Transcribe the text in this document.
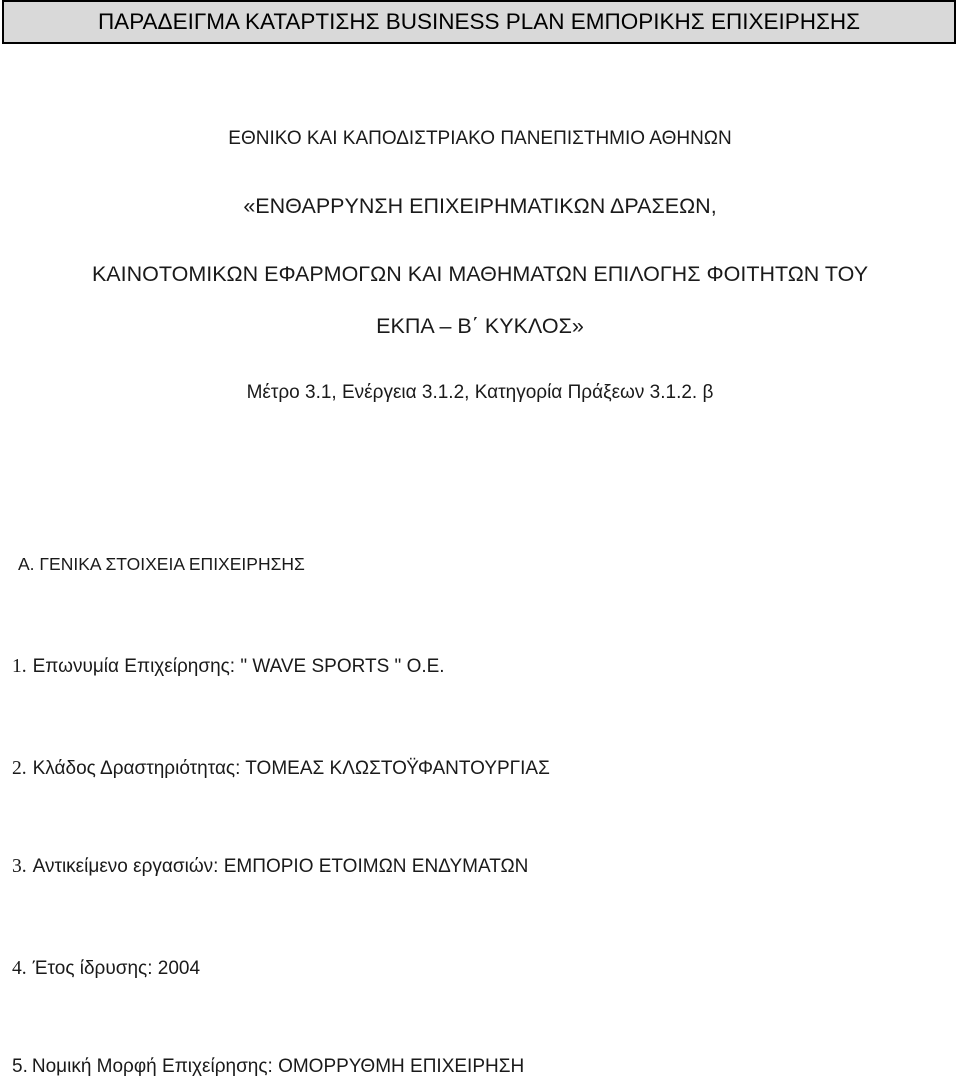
ΠΑΡΑΔΕΙΓΜΑ ΚΑΤΑΡΤΙΣΗΣ BUSINESS PLAN ΕΜΠΟΡΙΚΗΣ ΕΠΙΧΕΙΡΗΣΗΣ
ΕΘΝΙΚΟ ΚΑΙ ΚΑΠΟΔΙΣΤΡΙΑΚΟ ΠΑΝΕΠΙΣΤΗΜΙΟ ΑΘΗΝΩΝ
«ΕΝΘΑΡΡΥΝΣΗ ΕΠΙΧΕΙΡΗΜΑΤΙΚΩΝ ΔΡΑΣΕΩΝ,
ΚΑΙΝΟΤΟΜΙΚΩΝ ΕΦΑΡΜΟΓΩΝ ΚΑΙ ΜΑΘΗΜΑΤΩΝ ΕΠΙΛΟΓΗΣ ΦΟΙΤΗΤΩΝ ΤΟΥ
ΕΚΠΑ – Β΄ ΚΥΚΛΟΣ»
Μέτρο 3.1, Ενέργεια 3.1.2, Κατηγορία Πράξεων 3.1.2. β
Α. ΓΕΝΙΚΑ ΣΤΟΙΧΕΙΑ ΕΠΙΧΕΙΡΗΣΗΣ
1. Επωνυμία Επιχείρησης: " WAVE SPORTS " Ο.Ε.
2. Κλάδος Δραστηριότητας: ΤΟΜΕΑΣ ΚΛΩΣΤΟΫΦΑΝΤΟΥΡΓΙΑΣ
3. Αντικείμενο εργασιών: ΕΜΠΟΡΙΟ ΕΤΟΙΜΩΝ ΕΝΔΥΜΑΤΩΝ
4. Έτος ίδρυσης: 2004
5. Νομική Μορφή Επιχείρησης: ΟΜΟΡΡΥΘΜΗ ΕΠΙΧΕΙΡΗΣΗ
